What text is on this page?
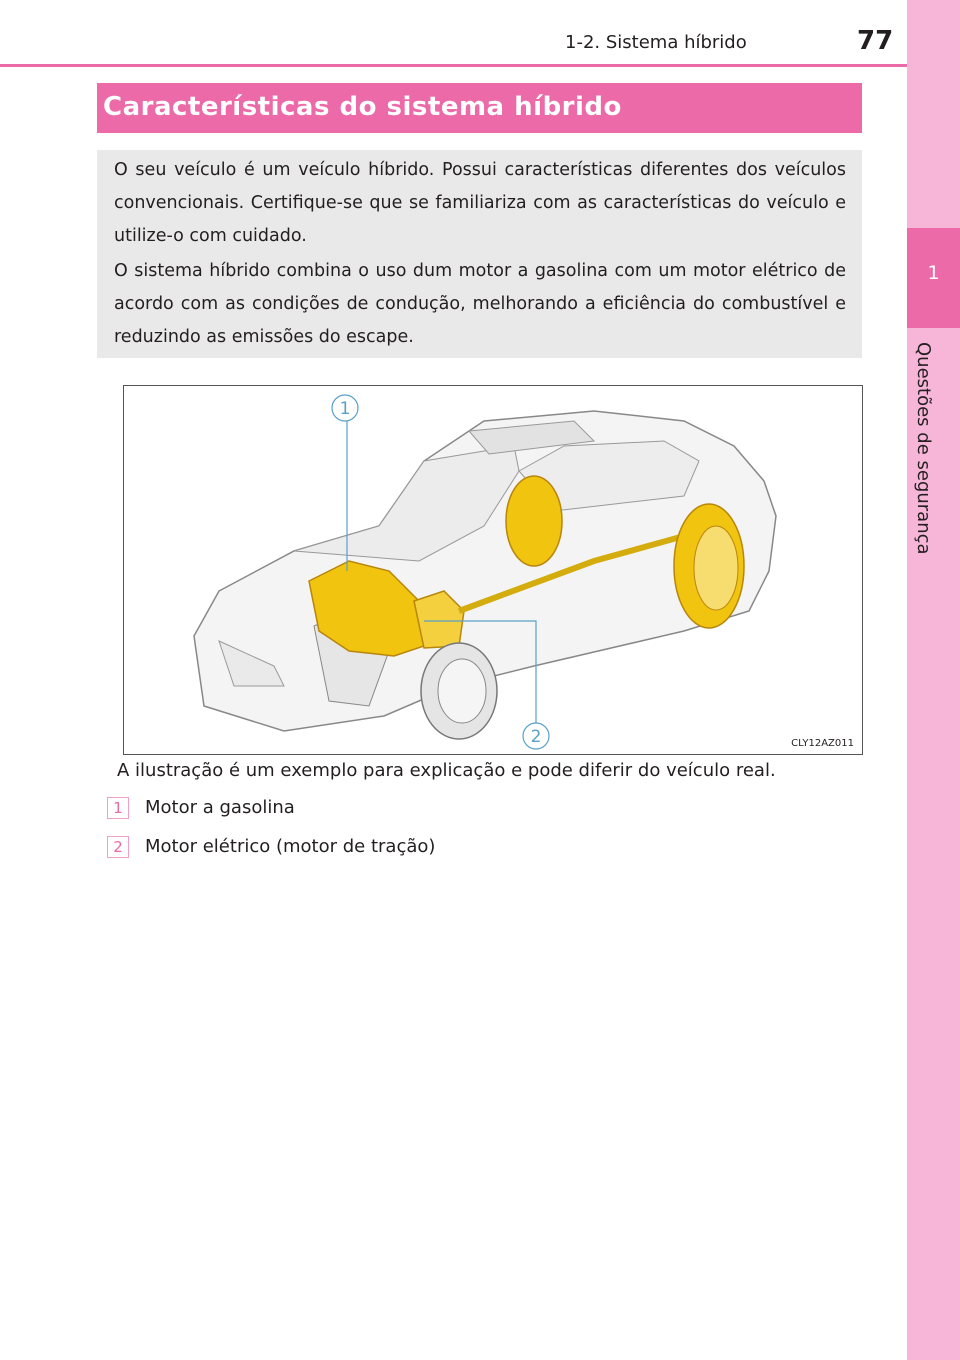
1
Questões de segurança
1-2. Sistema híbrido	77
Características do sistema híbrido

O seu veículo é um veículo híbrido. Possui características diferentes dos veículos convencionais. Certifique-se que se familiariza com as características do veículo e utilize-o com cuidado.

O sistema híbrido combina o uso dum motor a gasolina com um motor elétrico de acordo com as condições de condução, melhorando a eficiência do combustível e reduzindo as emissões do escape.

1
2	CLY12AZ011
A ilustração é um exemplo para explicação e pode diferir do veículo real.
1 Motor a gasolina
2 Motor elétrico (motor de tração)
